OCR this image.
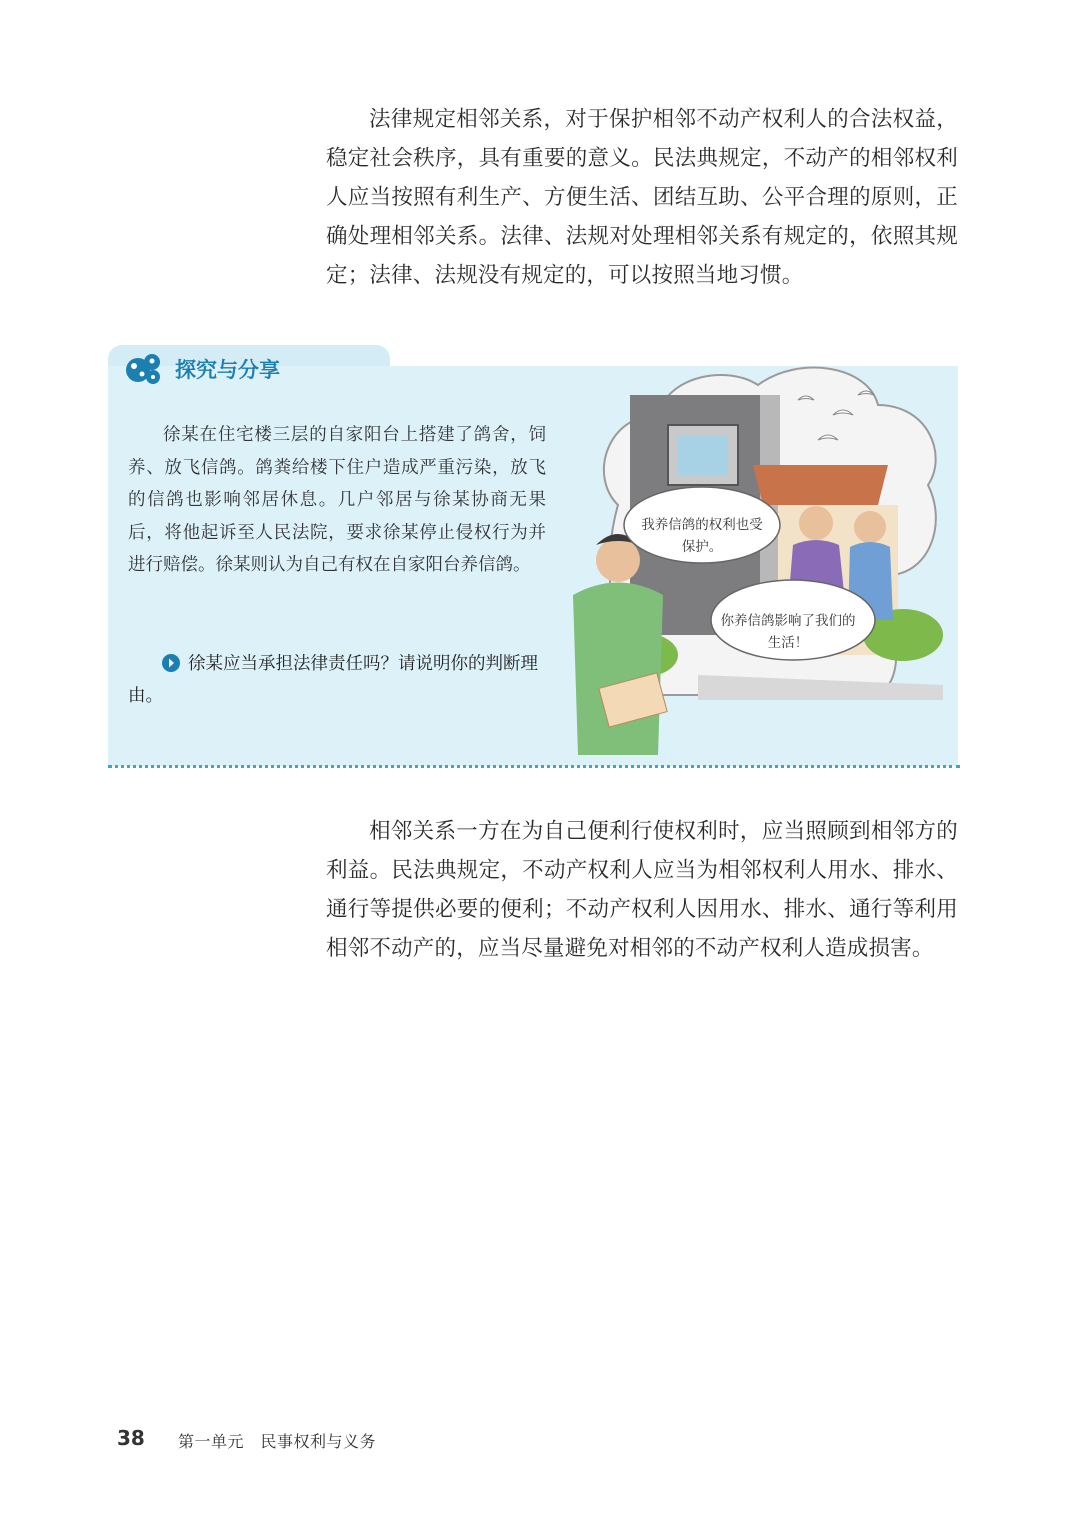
法律规定相邻关系，对于保护相邻不动产权利人的合法权益，稳定社会秩序，具有重要的意义。民法典规定，不动产的相邻权利人应当按照有利生产、方便生活、团结互助、公平合理的原则，正确处理相邻关系。法律、法规对处理相邻关系有规定的，依照其规定；法律、法规没有规定的，可以按照当地习惯。

探究与分享

徐某在住宅楼三层的自家阳台上搭建了鸽舍，饲养、放飞信鸽。鸽粪给楼下住户造成严重污染，放飞的信鸽也影响邻居休息。几户邻居与徐某协商无果后，将他起诉至人民法院，要求徐某停止侵权行为并进行赔偿。徐某则认为自己有权在自家阳台养信鸽。

徐某应当承担法律责任吗？请说明你的判断理由。

我养信鸽的权利也受保护。

你养信鸽影响了我们的生活！

相邻关系一方在为自己便利行使权利时，应当照顾到相邻方的利益。民法典规定，不动产权利人应当为相邻权利人用水、排水、通行等提供必要的便利；不动产权利人因用水、排水、通行等利用相邻不动产的，应当尽量避免对相邻的不动产权利人造成损害。

38 第一单元　民事权利与义务
